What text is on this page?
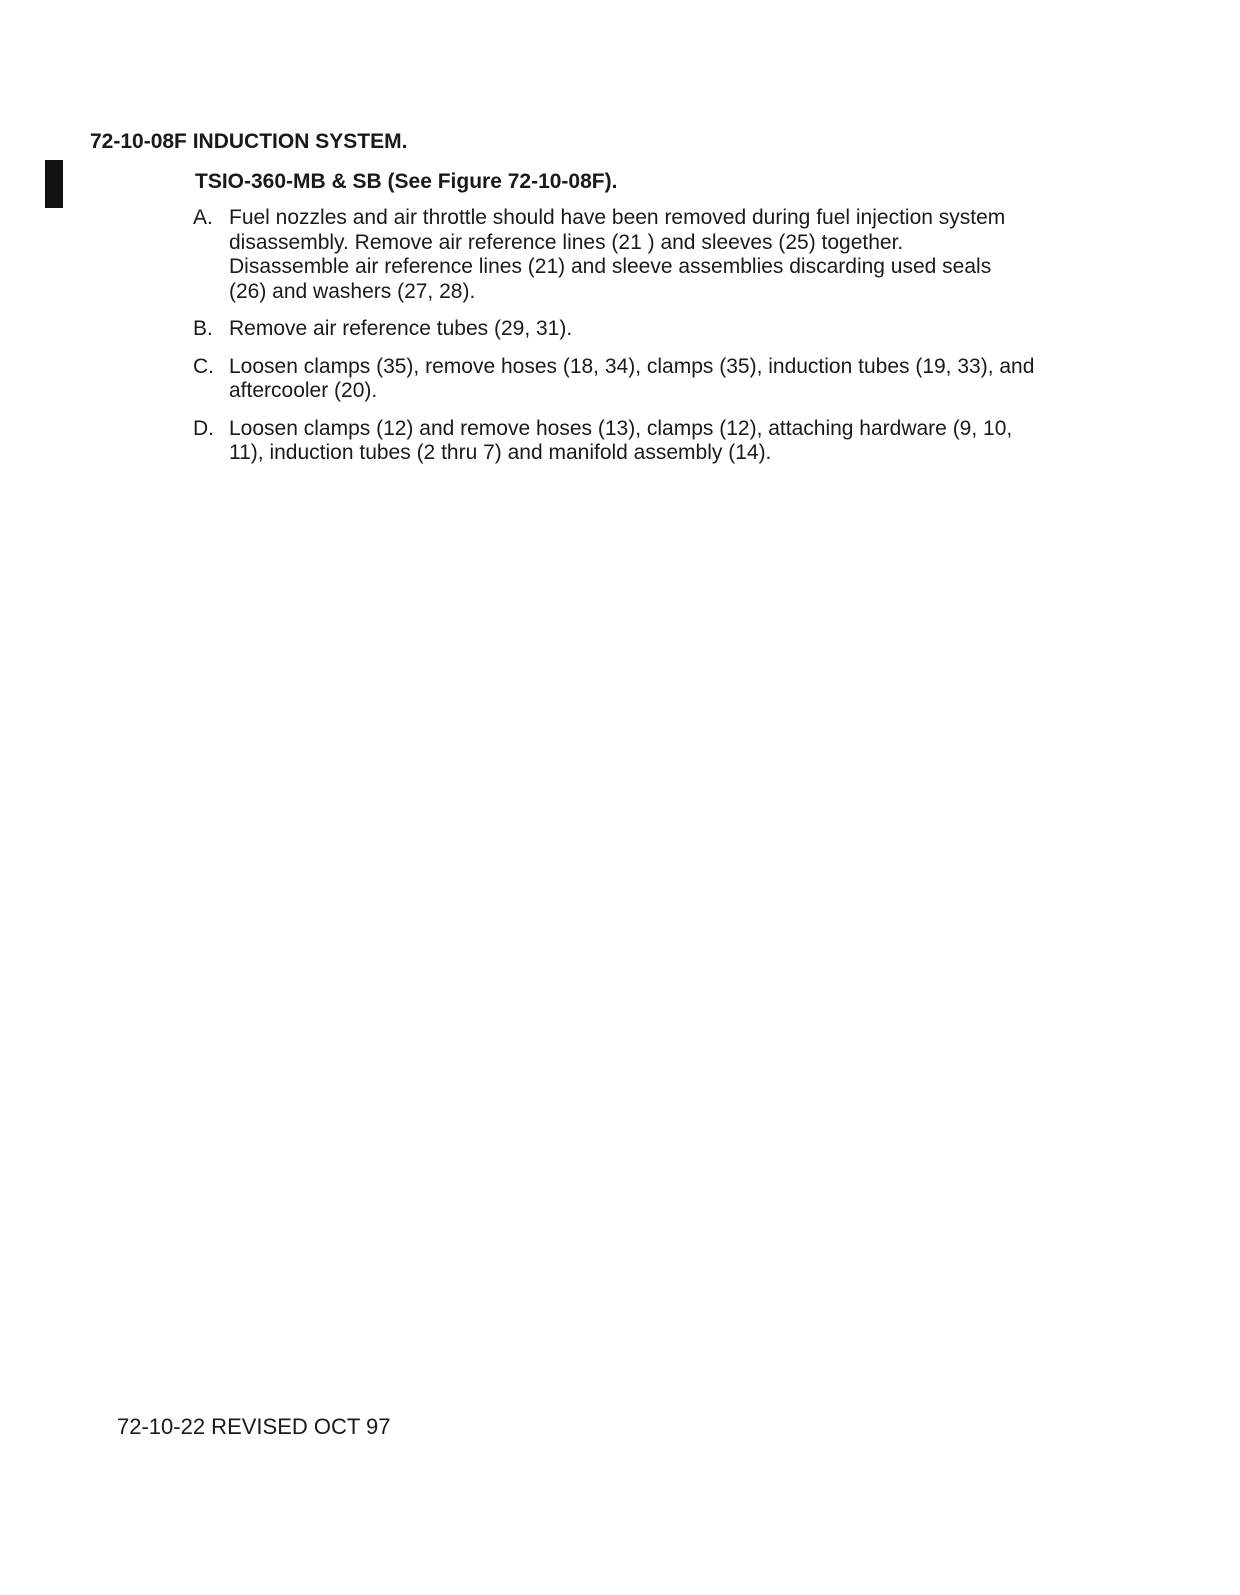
72-10-08F INDUCTION SYSTEM.
TSIO-360-MB & SB (See Figure 72-10-08F).
A. Fuel nozzles and air throttle should have been removed during fuel injection system
disassembly. Remove air reference lines (21 ) and sleeves (25) together.
Disassemble air reference lines (21) and sleeve assemblies discarding used seals
(26) and washers (27, 28).
B. Remove air reference tubes (29, 31).
C. Loosen clamps (35), remove hoses (18, 34), clamps (35), induction tubes (19, 33), and
aftercooler (20).
D. Loosen clamps (12) and remove hoses (13), clamps (12), attaching hardware (9, 10,
11), induction tubes (2 thru 7) and manifold assembly (14).
72-10-22 REVISED OCT 97
